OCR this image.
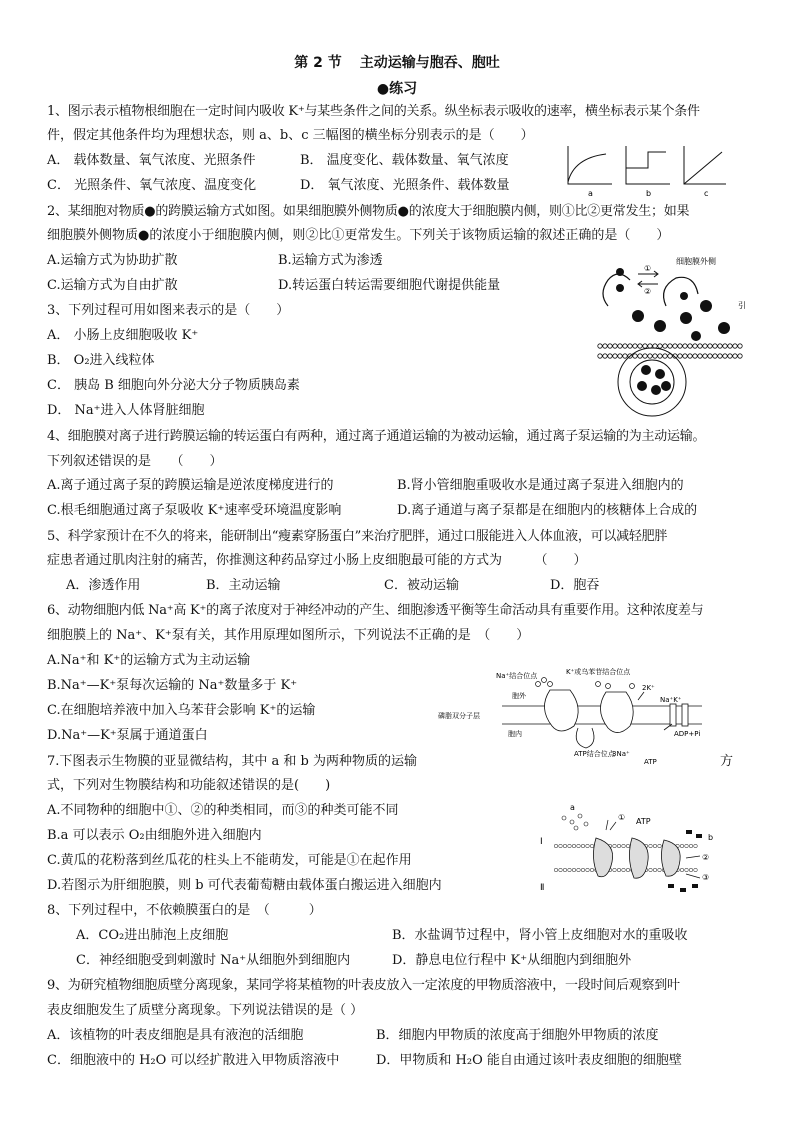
第 2 节 主动运输与胞吞、胞吐
●练习
1、图示表示植物根细胞在一定时间内吸收 K⁺与某些条件之间的关系。纵坐标表示吸收的速率，横坐标表示某个条件
件，假定其他条件均为理想状态，则 a、b、c 三幅图的横坐标分别表示的是（　　）
A． 载体数量、氧气浓度、光照条件	B． 温度变化、载体数量、氧气浓度
C． 光照条件、氧气浓度、温度变化	D． 氧气浓度、光照条件、载体数量
a	b	c
2、某细胞对物质●的跨膜运输方式如图。如果细胞膜外侧物质●的浓度大于细胞膜内侧，则①比②更常发生；如果
细胞膜外侧物质●的浓度小于细胞膜内侧，则②比①更常发生。下列关于该物质运输的叙述正确的是（　　）
A.运输方式为协助扩散	B.运输方式为渗透
C.运输方式为自由扩散	D.转运蛋白转运需要细胞代谢提供能量
①
②
细胞膜外侧
引
3、下列过程可用如图来表示的是（　　）
A． 小肠上皮细胞吸收 K⁺
B． O₂进入线粒体
C． 胰岛 B 细胞向外分泌大分子物质胰岛素
D． Na⁺进入人体肾脏细胞
4、细胞膜对离子进行跨膜运输的转运蛋白有两种，通过离子通道运输的为被动运输，通过离子泵运输的为主动运输。
下列叙述错误的是　　（　　）
A.离子通过离子泵的跨膜运输是逆浓度梯度进行的	B.肾小管细胞重吸收水是通过离子泵进入细胞内的
C.根毛细胞通过离子泵吸收 K⁺速率受环境温度影响	D.离子通道与离子泵都是在细胞内的核糖体上合成的
5、科学家预计在不久的将来，能研制出“瘦素穿肠蛋白”来治疗肥胖，通过口服能进入人体血液，可以减轻肥胖
症患者通过肌肉注射的痛苦，你推测这种药品穿过小肠上皮细胞最可能的方式为　　　（　　）
A．渗透作用	B．主动运输	C．被动运输	D．胞吞
6、动物细胞内低 Na⁺高 K⁺的离子浓度对于神经冲动的产生、细胞渗透平衡等生命活动具有重要作用。这种浓度差与
细胞膜上的 Na⁺、K⁺泵有关，其作用原理如图所示，下列说法不正确的是　（　　）
A.Na⁺和 K⁺的运输方式为主动运输
B.Na⁺—K⁺泵每次运输的 Na⁺数量多于 K⁺
C.在细胞培养液中加入乌苯苷会影响 K⁺的运输
D.Na⁺—K⁺泵属于通道蛋白
Na⁺结合位点	K⁺或乌苯苷结合位点
2K⁺
Na⁺K⁺
胞外
磷脂双分子层
胞内	ADP+Pi
ATP结合位点
3Na⁺
ATP
7.下图表示生物膜的亚显微结构，其中 a 和 b 为两种物质的运输	方
式，下列对生物膜结构和功能叙述错误的是(　　)
A.不同物种的细胞中①、②的种类相同，而③的种类可能不同
B.a 可以表示 O₂由细胞外进入细胞内
C.黄瓜的花粉落到丝瓜花的柱头上不能萌发，可能是①在起作用
D.若图示为肝细胞膜，则 b 可代表葡萄糖由载体蛋白搬运进入细胞内
a
I
Ⅱ
ATP
①
②
③
b
8、下列过程中，不依赖膜蛋白的是　（　　　）
A．CO₂进出肺泡上皮细胞	B．水盐调节过程中，肾小管上皮细胞对水的重吸收
C．神经细胞受到刺激时 Na⁺从细胞外到细胞内	D．静息电位行程中 K⁺从细胞内到细胞外
9、为研究植物细胞质壁分离现象，某同学将某植物的叶表皮放入一定浓度的甲物质溶液中，一段时间后观察到叶
表皮细胞发生了质壁分离现象。下列说法错误的是（ ）
A．该植物的叶表皮细胞是具有液泡的活细胞	B．细胞内甲物质的浓度高于细胞外甲物质的浓度
C．细胞液中的 H₂O 可以经扩散进入甲物质溶液中	D．甲物质和 H₂O 能自由通过该叶表皮细胞的细胞壁
